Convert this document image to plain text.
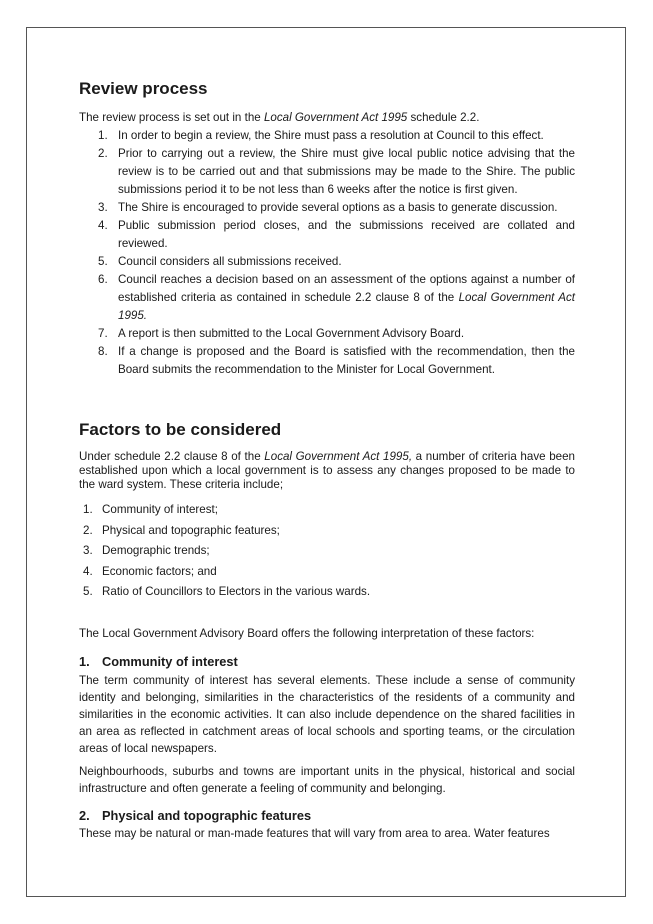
Review process

The review process is set out in the Local Government Act 1995 schedule 2.2.

1. In order to begin a review, the Shire must pass a resolution at Council to this effect.
2. Prior to carrying out a review, the Shire must give local public notice advising that the review is to be carried out and that submissions may be made to the Shire. The public submissions period it to be not less than 6 weeks after the notice is first given.
3. The Shire is encouraged to provide several options as a basis to generate discussion.
4. Public submission period closes, and the submissions received are collated and reviewed.
5. Council considers all submissions received.
6. Council reaches a decision based on an assessment of the options against a number of established criteria as contained in schedule 2.2 clause 8 of the Local Government Act 1995.
7. A report is then submitted to the Local Government Advisory Board.
8. If a change is proposed and the Board is satisfied with the recommendation, then the Board submits the recommendation to the Minister for Local Government.
Factors to be considered

Under schedule 2.2 clause 8 of the Local Government Act 1995, a number of criteria have been established upon which a local government is to assess any changes proposed to be made to the ward system. These criteria include;

1. Community of interest;
2. Physical and topographic features;
3. Demographic trends;
4. Economic factors; and
5. Ratio of Councillors to Electors in the various wards.

The Local Government Advisory Board offers the following interpretation of these factors:

1. Community of interest

The term community of interest has several elements. These include a sense of community identity and belonging, similarities in the characteristics of the residents of a community and similarities in the economic activities. It can also include dependence on the shared facilities in an area as reflected in catchment areas of local schools and sporting teams, or the circulation areas of local newspapers.

Neighbourhoods, suburbs and towns are important units in the physical, historical and social infrastructure and often generate a feeling of community and belonging.

2. Physical and topographic features

These may be natural or man-made features that will vary from area to area. Water features
